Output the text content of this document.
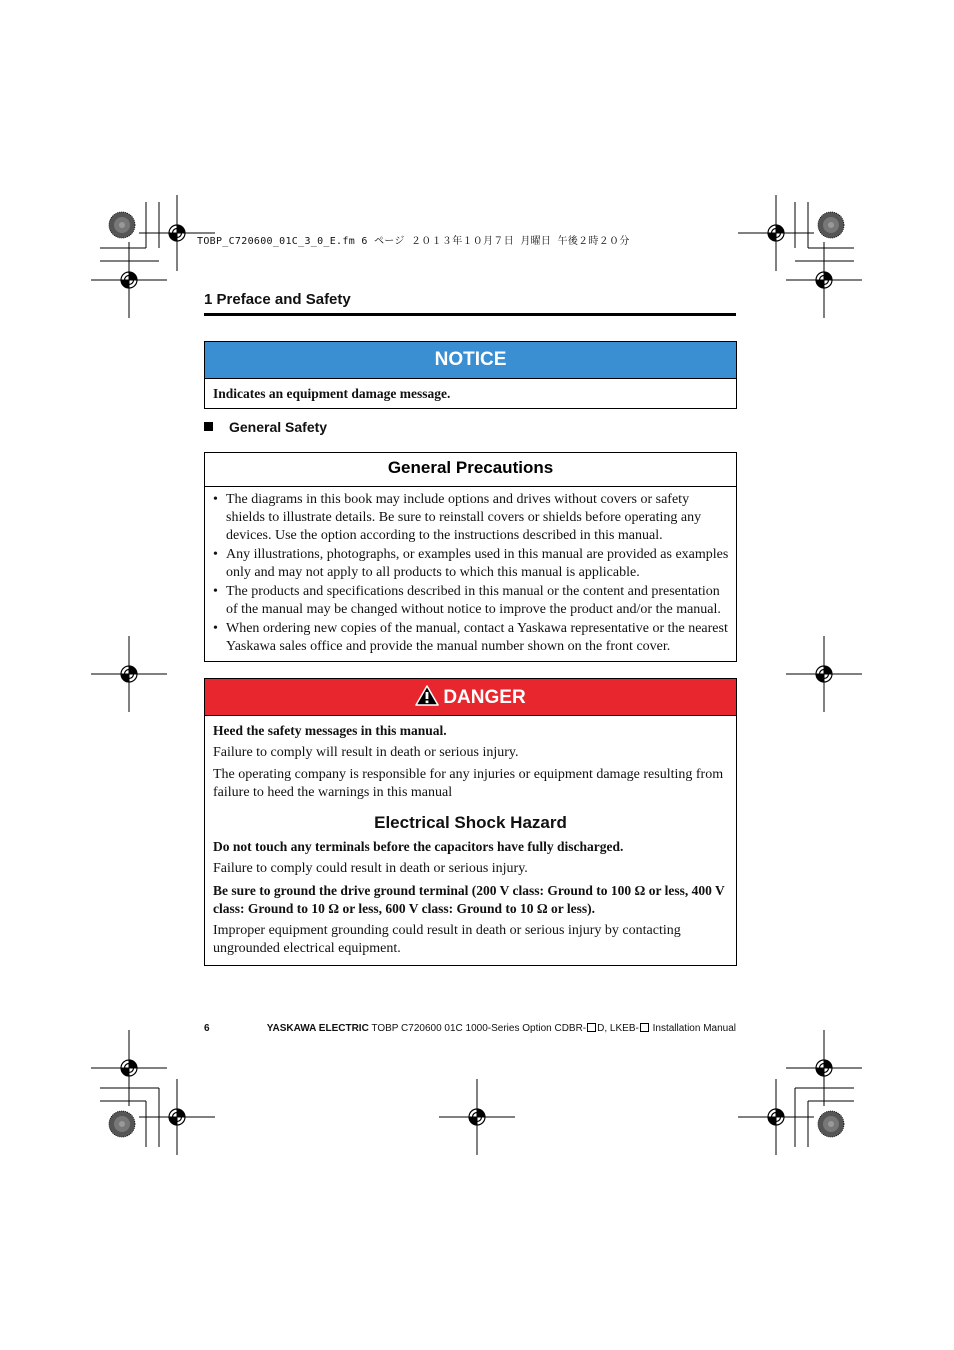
TOBP_C720600_01C_3_0_E.fm 6 ページ ２０１３年１０月７日 月曜日 午後２時２０分
1 Preface and Safety
NOTICE
Indicates an equipment damage message.
General Safety
General Precautions
• The diagrams in this book may include options and drives without covers or safety shields to illustrate details. Be sure to reinstall covers or shields before operating any devices. Use the option according to the instructions described in this manual.
• Any illustrations, photographs, or examples used in this manual are provided as examples only and may not apply to all products to which this manual is applicable.
• The products and specifications described in this manual or the content and presentation of the manual may be changed without notice to improve the product and/or the manual.
• When ordering new copies of the manual, contact a Yaskawa representative or the nearest Yaskawa sales office and provide the manual number shown on the front cover.
DANGER

Heed the safety messages in this manual.

Failure to comply will result in death or serious injury.

The operating company is responsible for any injuries or equipment damage resulting from failure to heed the warnings in this manual

Electrical Shock Hazard

Do not touch any terminals before the capacitors have fully discharged.

Failure to comply could result in death or serious injury.

Be sure to ground the drive ground terminal (200 V class: Ground to 100 Ω or less, 400 V class: Ground to 10 Ω or less, 600 V class: Ground to 10 Ω or less).

Improper equipment grounding could result in death or serious injury by contacting ungrounded electrical equipment.

6	YASKAWA ELECTRIC TOBP C720600 01C 1000-Series Option CDBR- D, LKEB- Installation Manual
